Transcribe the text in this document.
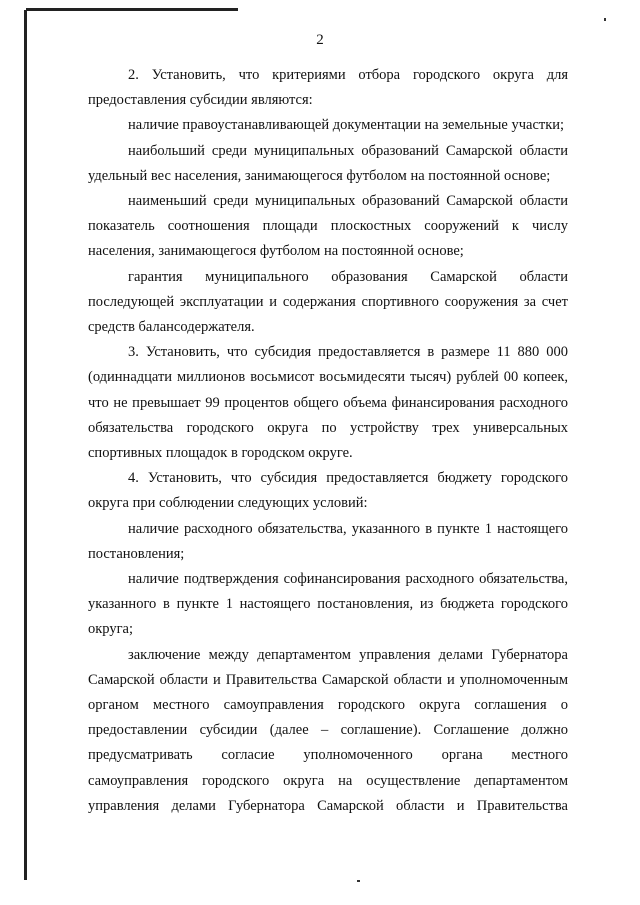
2

2. Установить, что критериями отбора городского округа для предоставления субсидии являются:

наличие правоустанавливающей документации на земельные участки;

наибольший среди муниципальных образований Самарской области удельный вес населения, занимающегося футболом на постоянной основе;

наименьший среди муниципальных образований Самарской области показатель соотношения площади плоскостных сооружений к числу населения, занимающегося футболом на постоянной основе;

гарантия муниципального образования Самарской области последующей эксплуатации и содержания спортивного сооружения за счет средств балансодержателя.

3. Установить, что субсидия предоставляется в размере 11 880 000 (одиннадцати миллионов восьмисот восьмидесяти тысяч) рублей 00 копеек, что не превышает 99 процентов общего объема финансирования расходного обязательства городского округа по устройству трех универсальных спортивных площадок в городском округе.

4. Установить, что субсидия предоставляется бюджету городского округа при соблюдении следующих условий:

наличие расходного обязательства, указанного в пункте 1 настоящего постановления;

наличие подтверждения софинансирования расходного обязательства, указанного в пункте 1 настоящего постановления, из бюджета городского округа;

заключение между департаментом управления делами Губернатора Самарской области и Правительства Самарской области и уполномоченным органом местного самоуправления городского округа соглашения о предоставлении субсидии (далее – соглашение). Соглашение должно предусматривать согласие уполномоченного органа местного самоуправления городского округа на осуществление департаментом управления делами Губернатора Самарской области и Правительства
